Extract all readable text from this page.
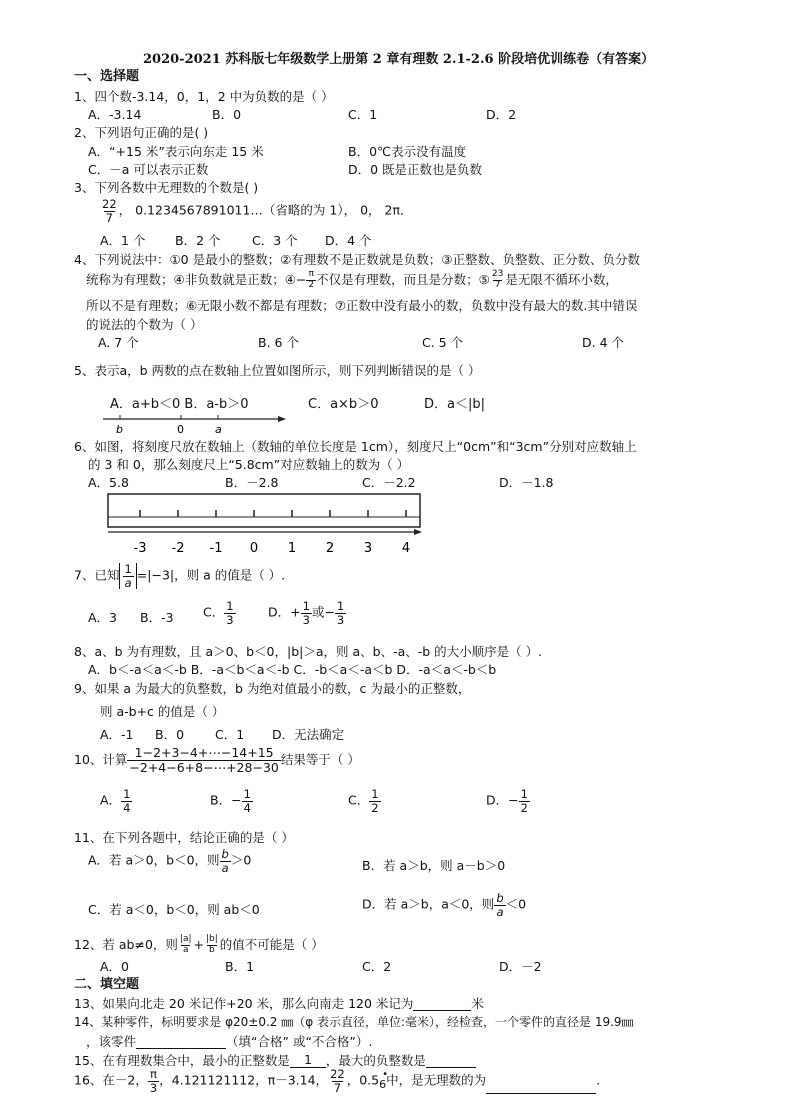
2020-2021 苏科版七年级数学上册第 2 章有理数 2.1-2.6 阶段培优训练卷（有答案）
一、选择题
1、四个数-3.14，0，1，2 中为负数的是（ ）
A．-3.14	B．0	C．1	D．2
2、下列语句正确的是( )
A．“+15 米”表示向东走 15 米	B．0℃表示没有温度
C．－a 可以表示正数	D．0 既是正数也是负数
3、下列各数中无理数的个数是( )
$\frac{22}{7}$ ， 0.1234567891011…（省略的为 1）， 0， 2π．
A．1 个 B．2 个	C．3 个 D．4 个
4、下列说法中：①0 是最小的整数；②有理数不是正数就是负数；③正整数、负整数、正分数、负分数
统称为有理数；④非负数就是正数；④− $\frac{\pi}{2}$ 不仅是有理数，而且是分数；⑤ $\frac{23}{7}$ 是无限不循环小数，
所以不是有理数；⑥无限小数不都是有理数；⑦正数中没有最小的数，负数中没有最大的数.其中错误
的说法的个数为（ ）
A. 7 个	B. 6 个	C. 5 个	D. 4 个
5、表示a，b 两数的点在数轴上位置如图所示，则下列判断错误的是（ ）
A．a+b＜0 B．a-b＞0	C．a×b＞0	D．a＜|b|
b	0	a
6、如图，将刻度尺放在数轴上（数轴的单位长度是 1cm），刻度尺上“0cm”和“3cm”分别对应数轴上
的 3 和 0，那么刻度尺上“5.8cm”对应数轴上的数为（ ）
A．5.8	B．－2.8	C．－2.2	D．－1.8
-3 -2 -1 0 1 2 3 4
7、已知 $\frac{1}{a} =|-3|$，则 a 的值是（ ）.
A．3 B．-3 C． $\frac{1}{3}$	D．+ $\frac{1}{3}$ 或− $\frac{1}{3}$
8、a、b 为有理数，且 a＞0、b＜0，|b|＞a，则 a、b、-a、-b 的大小顺序是（ ）.
A．b＜-a＜a＜-b B．-a＜b＜a＜-b C．-b＜a＜-a＜b D．-a＜a＜-b＜b
9、如果 a 为最大的负整数，b 为绝对值最小的数，c 为最小的正整数，
则 a-b+c 的值是（ ）
A．-1 B．0 C．1 D．无法确定
10、计算 $\frac{1-2+3-4+\cdots-14+15}{-2+4-6+8-\cdots+28-30}$ 结果等于（ ）
A． $\frac{1}{4}$	B．− $\frac{1}{4}$	C． $\frac{1}{2}$	D．− $\frac{1}{2}$
11、在下列各题中，结论正确的是（ ）
A．若 a＞0，b＜0，则 $\frac{b}{a} >0$	B．若 a＞b，则 a－b＞0
C．若 a＜0，b＜0，则 ab＜0	D．若 a＞b，a＜0，则 $\frac{b}{a} <0$
12、若 ab≠0，则 $\frac{|a|}{a} + \frac{|b|}{b}$ 的值不可能是（ ）
A．0	B．1	C．2	D．－2
二、填空题
13、如果向北走 20 米记作+20 米，那么向南走 120 米记为	米
14、某种零件，标明要求是 φ20±0.2 ㎜（φ 表示直径，单位:毫米），经检查，一个零件的直径是 19.9㎜
，该零件	（填“合格” 或“不合格”）.
15、在有理数集合中，最小的正整数是 1 ，最大的负整数是
16、在－2， $\frac{\pi}{3}$ ，4.121121112，π－3.14， $\frac{22}{7}$ ，0.56
•
中，是无理数的为	.
